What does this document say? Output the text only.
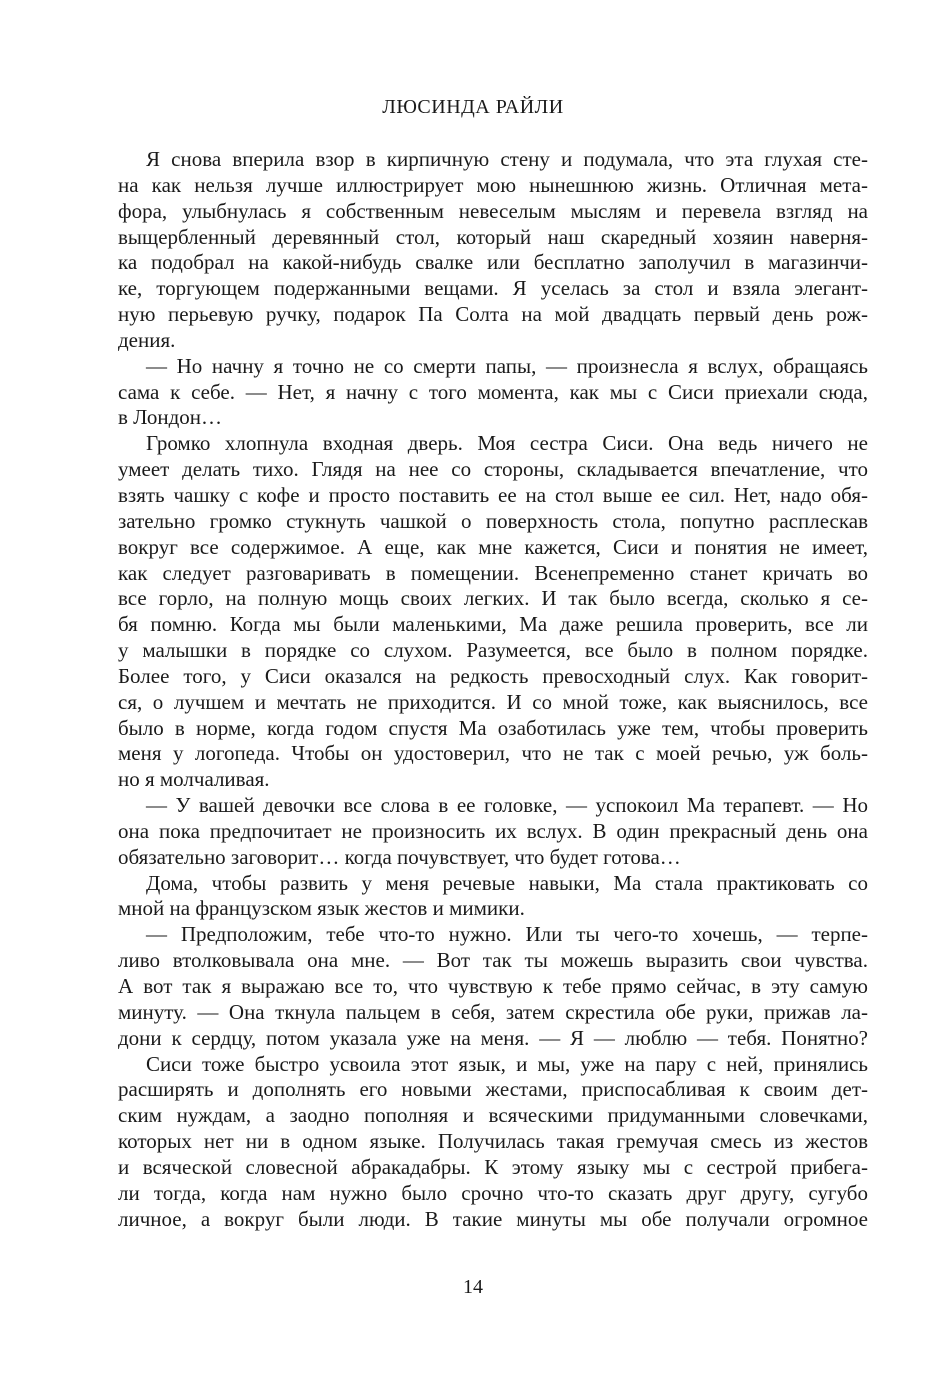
ЛЮСИНДА РАЙЛИ
Я снова вперила взор в кирпичную стену и подумала, что эта глухая сте-
на как нельзя лучше иллюстрирует мою нынешнюю жизнь. Отличная мета-
фора, улыбнулась я собственным невеселым мыслям и перевела взгляд на
выщербленный деревянный стол, который наш скаредный хозяин наверня-
ка подобрал на какой-нибудь свалке или бесплатно заполучил в магазинчи-
ке, торгующем подержанными вещами. Я уселась за стол и взяла элегант-
ную перьевую ручку, подарок Па Солта на мой двадцать первый день рож-
дения.
— Но начну я точно не со смерти папы, — произнесла я вслух, обращаясь
сама к себе. — Нет, я начну с того момента, как мы с Сиси приехали сюда,
в Лондон…
Громко хлопнула входная дверь. Моя сестра Сиси. Она ведь ничего не
умеет делать тихо. Глядя на нее со стороны, складывается впечатление, что
взять чашку с кофе и просто поставить ее на стол выше ее сил. Нет, надо обя-
зательно громко стукнуть чашкой о поверхность стола, попутно расплескав
вокруг все содержимое. А еще, как мне кажется, Сиси и понятия не имеет,
как следует разговаривать в помещении. Всенепременно станет кричать во
все горло, на полную мощь своих легких. И так было всегда, сколько я се-
бя помню. Когда мы были маленькими, Ма даже решила проверить, все ли
у малышки в порядке со слухом. Разумеется, все было в полном порядке.
Более того, у Сиси оказался на редкость превосходный слух. Как говорит-
ся, о лучшем и мечтать не приходится. И со мной тоже, как выяснилось, все
было в норме, когда годом спустя Ма озаботилась уже тем, чтобы проверить
меня у логопеда. Чтобы он удостоверил, что не так с моей речью, уж боль-
но я молчаливая.
— У вашей девочки все слова в ее головке, — успокоил Ма терапевт. — Но
она пока предпочитает не произносить их вслух. В один прекрасный день она
обязательно заговорит… когда почувствует, что будет готова…
Дома, чтобы развить у меня речевые навыки, Ма стала практиковать со
мной на французском язык жестов и мимики.
— Предположим, тебе что-то нужно. Или ты чего-то хочешь, — терпе-
ливо втолковывала она мне. — Вот так ты можешь выразить свои чувства.
А вот так я выражаю все то, что чувствую к тебе прямо сейчас, в эту самую
минуту. — Она ткнула пальцем в себя, затем скрестила обе руки, прижав ла-
дони к сердцу, потом указала уже на меня. — Я — люблю — тебя. Понятно?
Сиси тоже быстро усвоила этот язык, и мы, уже на пару с ней, принялись
расширять и дополнять его новыми жестами, приспосабливая к своим дет-
ским нуждам, а заодно пополняя и всяческими придуманными словечками,
которых нет ни в одном языке. Получилась такая гремучая смесь из жестов
и всяческой словесной абракадабры. К этому языку мы с сестрой прибега-
ли тогда, когда нам нужно было срочно что-то сказать друг другу, сугубо
личное, а вокруг были люди. В такие минуты мы обе получали огромное
14
